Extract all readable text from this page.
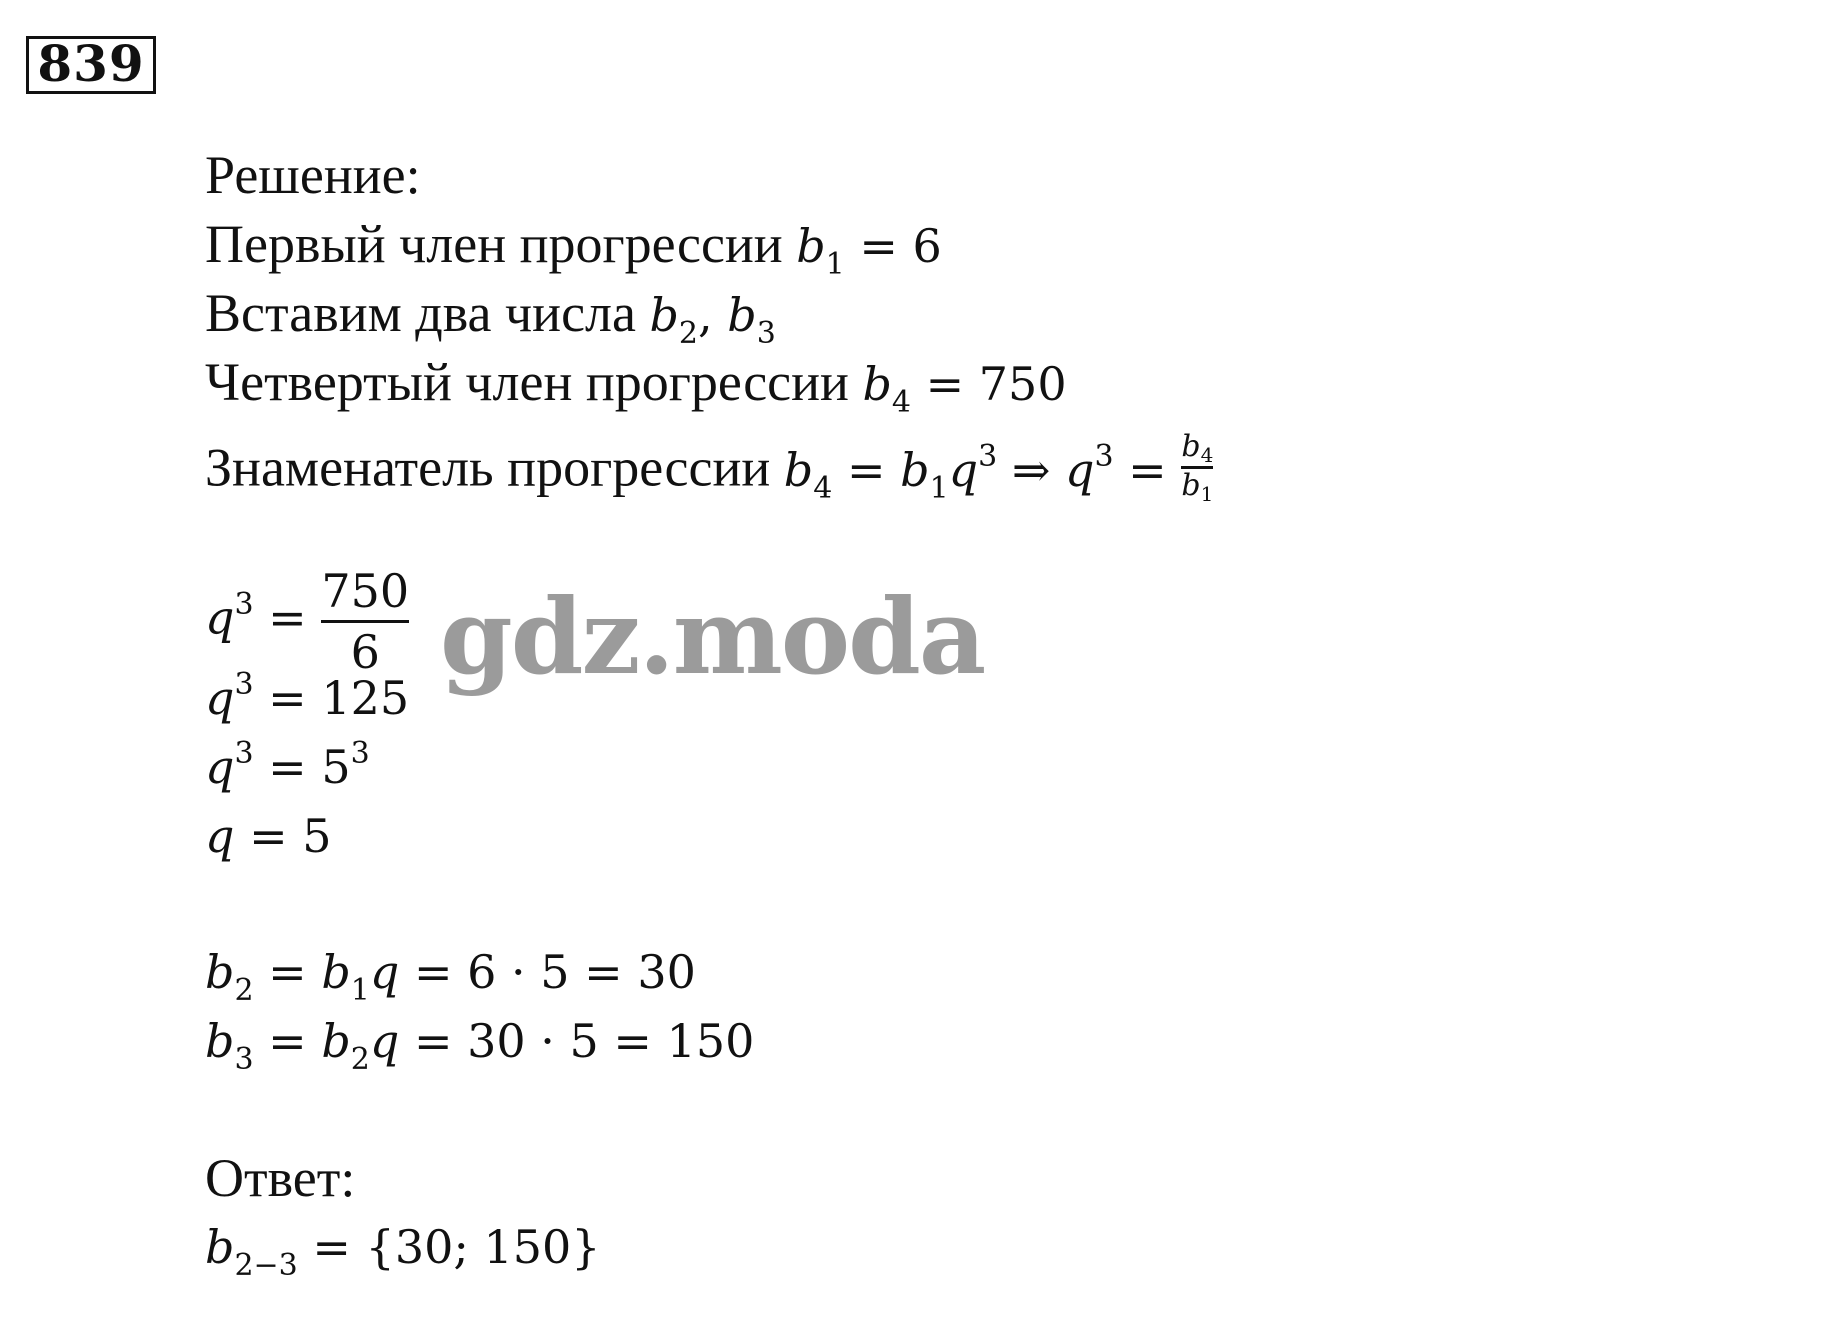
839
Решение:
Первый член прогрессии $b_1 = 6$
Вставим два числа $b_2$, $b_3$
Четвертый член прогрессии $b_4 = 750$
Знаменатель прогрессии $b_4 = b_1q^3$ ⇒ $q^3 = \frac{b_4}{b_1}$
$q^3 = \frac{750}{6}$
$q^3 = 125$
$q^3 = 5^3$
q = 5
$b_2 = b_1q = 6 \cdot 5 = 30$
$b_3 = b_2q = 30 \cdot 5 = 150$
Ответ:
$b_{2-3} = \{30$; 150}
gdz.moda
